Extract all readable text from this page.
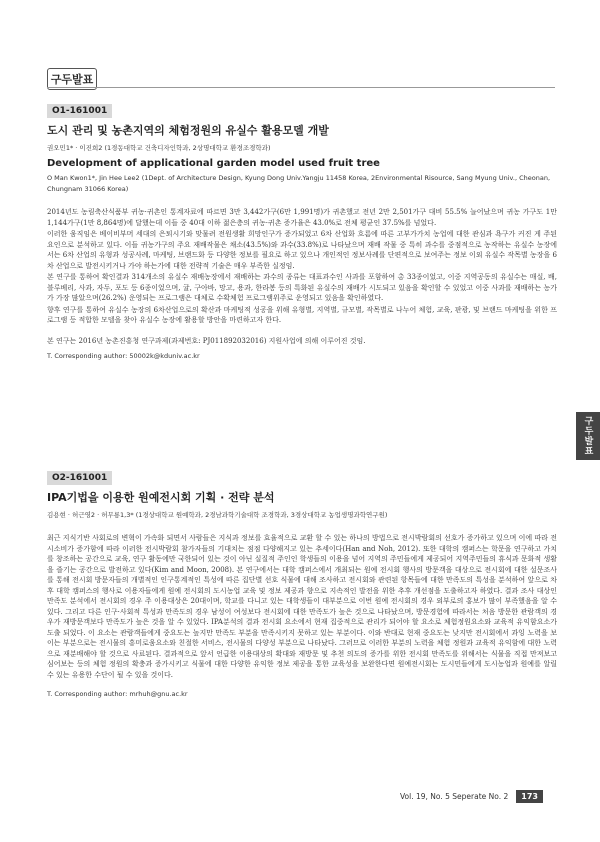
구두발표
구두발표
O1-161001
도시 관리 및 농촌지역의 체험정원의 유실수 활용모델 개발
권오민1* · 이진희2 (1경동대학교 건축디자인학과, 2상명대학교 환경조경학과)
Development of applicational garden model used fruit tree
O Man Kwon1*, Jin Hee Lee2 (1Dept. of Architecture Design, Kyung Dong Univ.Yangju 11458 Korea, 2Environmental Risource, Sang Myung Univ., Cheonan, Chungnam 31066 Korea)

2014년도 농림축산식품부 귀농·귀촌인 통계자료에 따르면 3만 3,442가구(6만 1,991명)가 귀촌했고 전년 2만 2,501가구 대비 55.5% 늘어났으며 귀농 가구도 1만 1,144가구(1만 8,864명)에 달했는데 이들 중 40대 이하 젊은층의 귀농·귀촌 증가율은 43.0%로 전체 평균인 37.5%를 넘었다.

이러한 움직임은 베이비부머 세대의 은퇴시기와 맞물려 전원생활 희망인구가 증가되었고 6차 산업화 흐름에 따른 고부가가치 농업에 대한 관심과 욕구가 커진 게 주된 요인으로 분석하고 있다. 이들 귀농가구의 주요 재배작물은 채소(43.5%)와 과수(33.8%)로 나타났으며 재배 작물 중 특히 과수를 중점적으로 농작하는 유실수 농장에서는 6차 산업의 유형과 성공사례, 마케팅, 브랜드화 등 다양한 정보를 필요로 하고 있으나 개인적인 정보사례를 단편적으로 보여주는 정보 이외 유실수 작목별 농장을 6차 산업으로 발전시키거나 가야 하는가에 대한 전략적 기술은 매우 부족한 실정임.

본 연구를 통하여 확인결과 314개소의 유실수 재배농장에서 재배하는 과수의 종류는 대표과수인 사과를 포함하여 총 33종이었고, 이중 지역공동의 유실수는 매실, 배, 블루베리, 사과, 자두, 포도 등 6종이었으며, 귤, 구아바, 망고, 용과, 한라봉 등의 특화된 유실수의 재배가 시도되고 있음을 확인할 수 있었고 이중 사과를 재배하는 농가가 가장 많았으며(26.2%) 운영되는 프로그램은 대체로 수확체험 프로그램위주로 운영되고 있음을 확인하였다.

향후 연구를 통하여 유실수 농장의 6차산업으로의 확산과 마케팅적 성공을 위해 유형별, 지역별, 규모별, 작목별로 나누어 체험, 교육, 판광, 및 브랜드 마케팅을 위한 프로그램 등 적합한 모델을 찾아 유실수 농장에 활용할 방안을 마련하고자 한다.

본 연구는 2016년 농촌진흥청 연구과제(과제번호: PJ011892032016) 지원사업에 의해 이루어진 것임.
T. Corresponding author: 50002k@kduniv.ac.kr
O2-161001
IPA기법을 이용한 원예전시회 기획 · 전략 분석
김용현 · 허근영2 · 허무룡1,3* (1경상대학교 원예학과, 2경남과학기술대학 조경학과, 3경상대학교 농업생명과학연구원)

최근 지식기반 사회로의 변혁이 가속화 되면서 사람들은 지식과 정보를 효율적으로 교환 할 수 있는 하나의 방법으로 전시박람회의 선호가 증가하고 있으며 이에 따라 전시소비가 증가함에 따라 이러한 전시박람회 참가자들의 기대치는 점점 다양해지고 있는 추세이다(Han and Noh, 2012). 또한 대학의 캠퍼스는 학문을 연구하고 가치를 창조하는 공간으로 교육, 연구 활동에만 국한되어 있는 것이 아닌 실질적 주인인 학생들의 이용을 넘어 지역의 주민들에게 제공되어 지역주민들의 휴식과 문화적 생활을 즐기는 공간으로 발전하고 있다(Kim and Moon, 2008). 본 연구에서는 대학 캠퍼스에서 개최되는 원예 전시회 행사의 방문객을 대상으로 전시회에 대한 설문조사를 통해 전시회 방문자들의 개별적인 인구통계적인 특성에 따른 집단별 선호 식물에 대해 조사하고 전시회와 관련된 항목들에 대한 만족도의 특성을 분석하여 앞으로 차후 대학 캠퍼스의 행사로 이용자들에게 원예 전시회의 도시농업 교육 및 정보 제공과 향으로 지속적인 발전을 위한 추후 개선점을 도출하고자 하였다. 결과 조사 대상인 만족도 분석에서 전시회의 경우 주 이용대상은 20대이며, 학교를 다니고 있는 대학생들이 대부분으로 이번 원예 전시회의 경우 외부로의 홍보가 많이 부족했음을 알 수 있다. 그리고 다른 인구·사회적 특성과 만족도의 경우 남성이 여성보다 전시회에 대한 만족도가 높은 것으로 나타났으며, 방문경험에 따라서는 처음 방문한 관람객의 경우가 재방문객보다 만족도가 높은 것을 알 수 있었다. IPA분석의 결과 전시회 요소에서 현재 집중적으로 관리가 되어야 할 요소로 체험정원요소와 교육적 유익함요소가 도출 되었다. 이 요소는 관람객들에게 중요도는 높지만 만족도 부분을 만족시키지 못하고 있는 부분이다. 이와 반대로 현재 중요도는 낮지만 전시회에서 과잉 노력을 보이는 부분으로는 전시물의 흥미로움요소와 친절한 서비스, 전시물의 다양성 부분으로 나타났다. 그러므로 이러한 부분의 노력을 체험 정원과 교육적 유익함에 대한 노력으로 재분배해야 할 것으로 사료된다. 결과적으로 앞서 언급한 이용대상의 확대와 재방문 및 추천 의도의 증가를 위한 전시회 만족도를 위해서는 식물을 직접 만져보고 심어보는 등의 체험 정원의 확충과 증가시키고 식물에 대한 다양한 유익한 정보 제공을 통한 교육성을 보완한다면 원예전시회는 도시민들에게 도시농업과 원예를 알릴 수 있는 유용한 수단이 될 수 있을 것이다.

T. Corresponding author: mrhuh@gnu.ac.kr
Vol. 19, No. 5 Seperate No. 2	173
